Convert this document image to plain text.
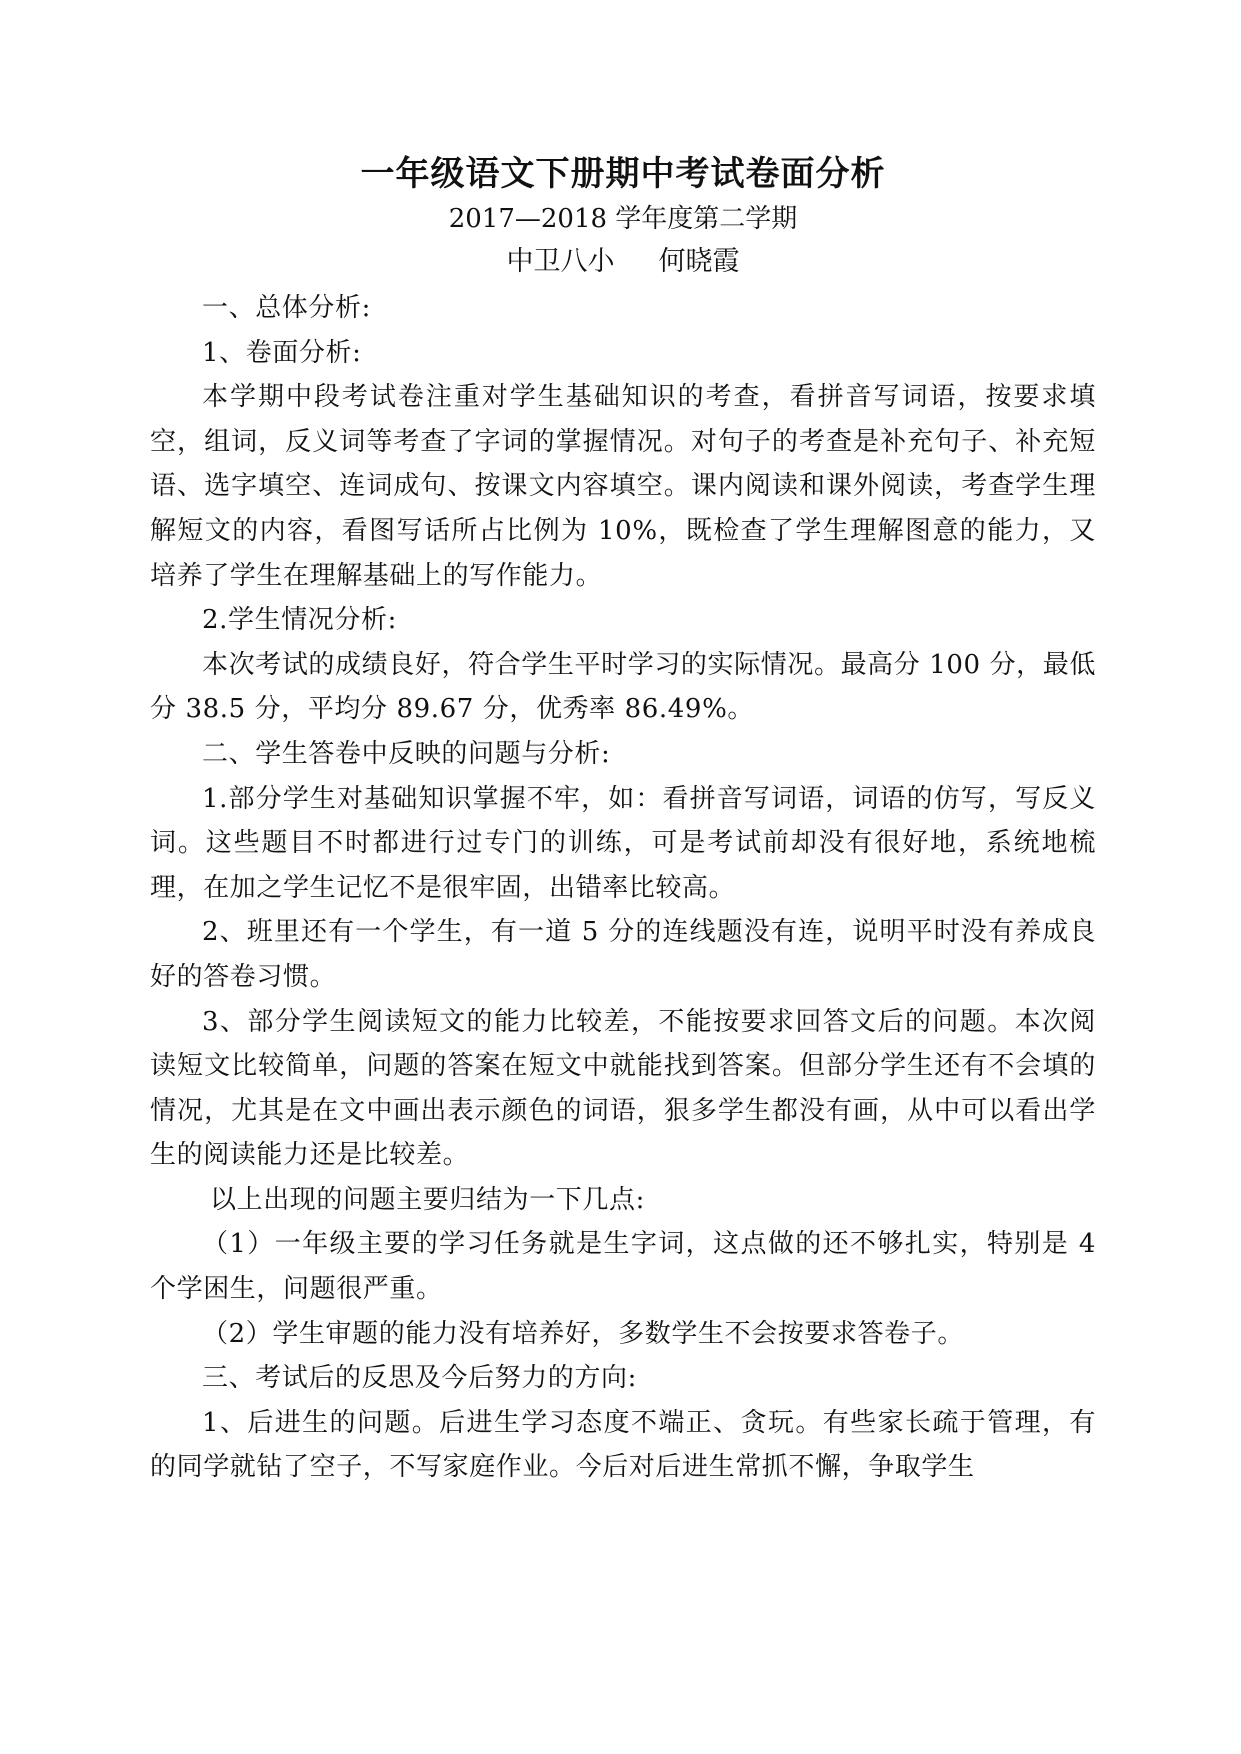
一年级语文下册期中考试卷面分析
2017—2018 学年度第二学期
中卫八小 何晓霞

一、总体分析:

1、卷面分析:

本学期中段考试卷注重对学生基础知识的考查，看拼音写词语，按要求填空，组词，反义词等考查了字词的掌握情况。对句子的考查是补充句子、补充短语、选字填空、连词成句、按课文内容填空。课内阅读和课外阅读，考查学生理解短文的内容，看图写话所占比例为 10%，既检查了学生理解图意的能力，又培养了学生在理解基础上的写作能力。

2.学生情况分析:

本次考试的成绩良好，符合学生平时学习的实际情况。最高分 100 分，最低分 38.5 分，平均分 89.67 分，优秀率 86.49%。

二、学生答卷中反映的问题与分析:

1.部分学生对基础知识掌握不牢，如：看拼音写词语，词语的仿写，写反义词。这些题目不时都进行过专门的训练，可是考试前却没有很好地，系统地梳理，在加之学生记忆不是很牢固，出错率比较高。

2、班里还有一个学生，有一道 5 分的连线题没有连，说明平时没有养成良好的答卷习惯。

3、部分学生阅读短文的能力比较差，不能按要求回答文后的问题。本次阅读短文比较简单，问题的答案在短文中就能找到答案。但部分学生还有不会填的情况，尤其是在文中画出表示颜色的词语，狠多学生都没有画，从中可以看出学生的阅读能力还是比较差。

以上出现的问题主要归结为一下几点:

（1）一年级主要的学习任务就是生字词，这点做的还不够扎实，特别是 4 个学困生，问题很严重。

（2）学生审题的能力没有培养好，多数学生不会按要求答卷子。

三、考试后的反思及今后努力的方向:

1、后进生的问题。后进生学习态度不端正、贪玩。有些家长疏于管理，有的同学就钻了空子，不写家庭作业。今后对后进生常抓不懈，争取学生
